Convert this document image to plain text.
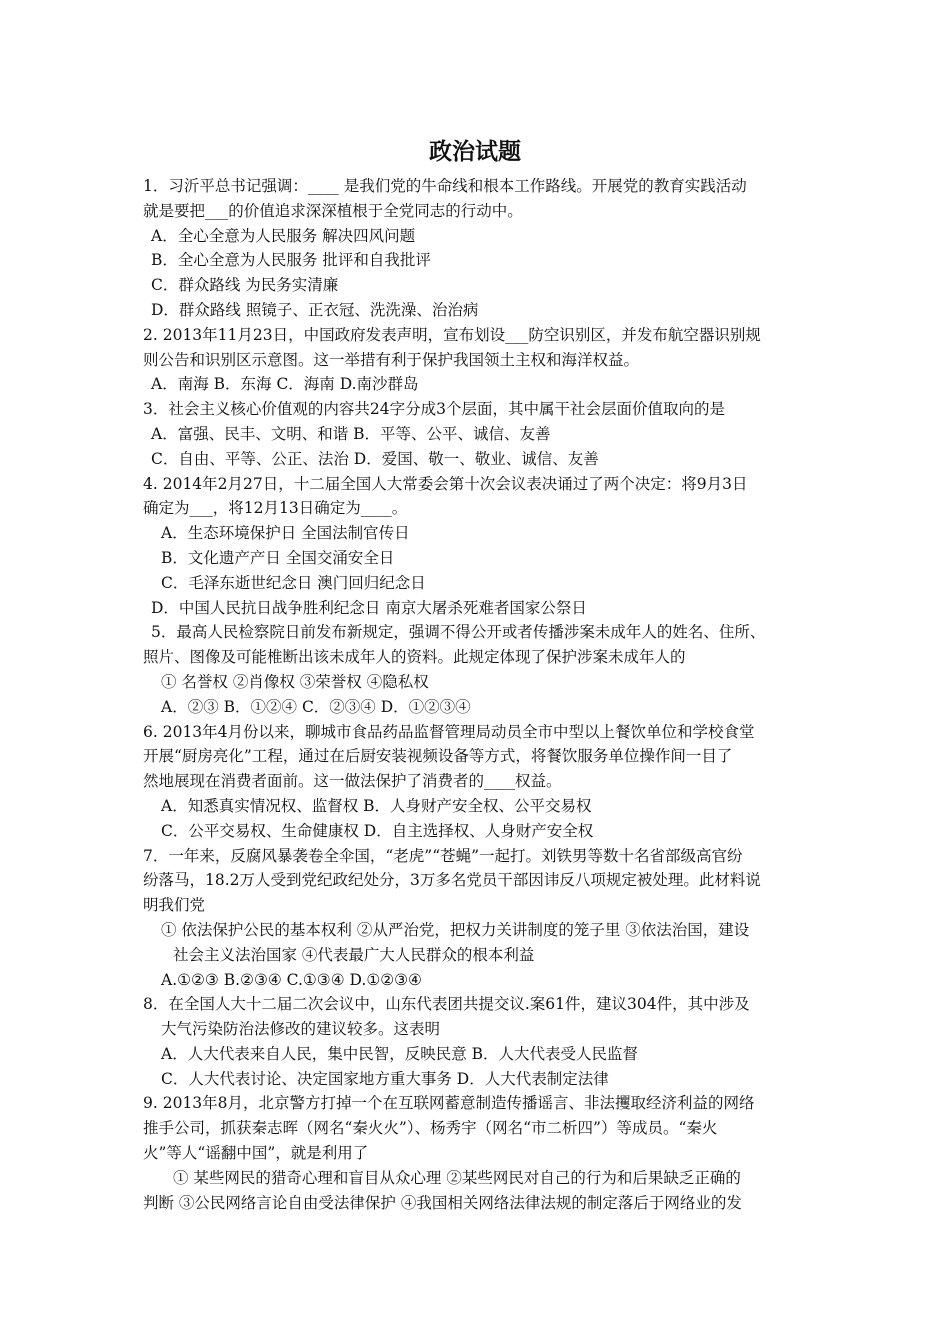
政治试题
1．习沂平总书记强调：____ 是我们党的牛命线和根本工作路线。开展党的教育实践活动
就是要把___的价值追求深深植根于全党同志的行动中。
A．全心全意为人民服务 解决四风问题
B．全心全意为人民服务 批评和自我批评
C．群众路线 为民务实清廉
D．群众路线 照镜子、正衣冠、洗洗澡、治治病
2. 2013年11月23日，中国政府发表声明，宣布划设___防空识别区，并发布航空器识别规
则公告和识别区示意图。这一举措有利于保护我国领土主权和海洋权益。
A．南海 B．东海 C．海南 D.南沙群岛
3．社会主义核心价值观的内容共24字分成3个层面，其中属干社会层面价值取向的是
A．富强、民丰、文明、和谐 B．平等、公平、诚信、友善
C．自由、平等、公正、法治 D．爱国、敬一、敬业、诚信、友善
4. 2014年2月27日，十二届全国人大常委会第十次会议表决诵过了两个决定：将9月3日
确定为___，将12月13日确定为____。
A．生态环境保护日 全国法制官传日
B．文化遗产产日 全国交涌安全日
C．毛泽东逝世纪念日 澳门回归纪念日
D．中国人民抗日战争胜利纪念日 南京大屠杀死难者国家公祭日
5．最高人民检察院日前发布新规定，强调不得公开或者传播涉案未成年人的姓名、住所、
照片、图像及可能椎断出该未成年人的资料。此规定体现了保护涉案未成年人的
① 名誉权 ②肖像权 ③荣誉权 ④隐私权
A．②③ B．①②④ C．②③④ D．①②③④
6. 2013年4月份以来，聊城市食品药品监督管理局动员全市中型以上餐饮单位和学校食堂
开展“厨房亮化”工程，通过在后厨安装视频设备等方式，将餐饮服务单位操作间一目了
然地展现在消费者面前。这一做法保护了消费者的____权益。
A．知悉真实情况权、监督权 B．人身财产安全权、公平交易权
C．公平交易权、生命健康权 D．自主选择权、人身财产安全权
7．一年来，反腐风暴袭卷全伞国，“老虎”“苍蝇”一起打。刘铁男等数十名省部级高官纷
纷落马，18.2万人受到党纪政纪处分，3万多名党员干部因讳反八项规定被处理。此材料说
明我们党
① 依法保护公民的基本权利 ②从严治党，把权力关讲制度的笼子里 ③依法治国，建设
社会主义法治国家 ④代表最广大人民群众的根本利益
A.①②③ B.②③④ C.①③④ D.①②③④
8．在全国人大十二届二次会议中，山东代表团共提交议.案61件，建议304件，其中涉及
大气污染防治法修改的建议较多。这表明
A．人大代表来自人民，集中民智，反映民意 B．人大代表受人民监督
C．人大代表讨论、决定国家地方重大事务 D．人大代表制定法律
9. 2013年8月，北京警方打掉一个在互联网蓄意制造传播谣言、非法攫取经济利益的网络
推手公司，抓获秦志晖（网名“秦火火”）、杨秀宇（网名“市二析四”）等成员。“秦火
火”等人“谣翻中国”，就是利用了
① 某些网民的猎奇心理和盲目从众心理 ②某些网民对自己的行为和后果缺乏正确的
判断 ③公民网络言论自由受法律保护 ④我国相关网络法律法规的制定落后于网络业的发
